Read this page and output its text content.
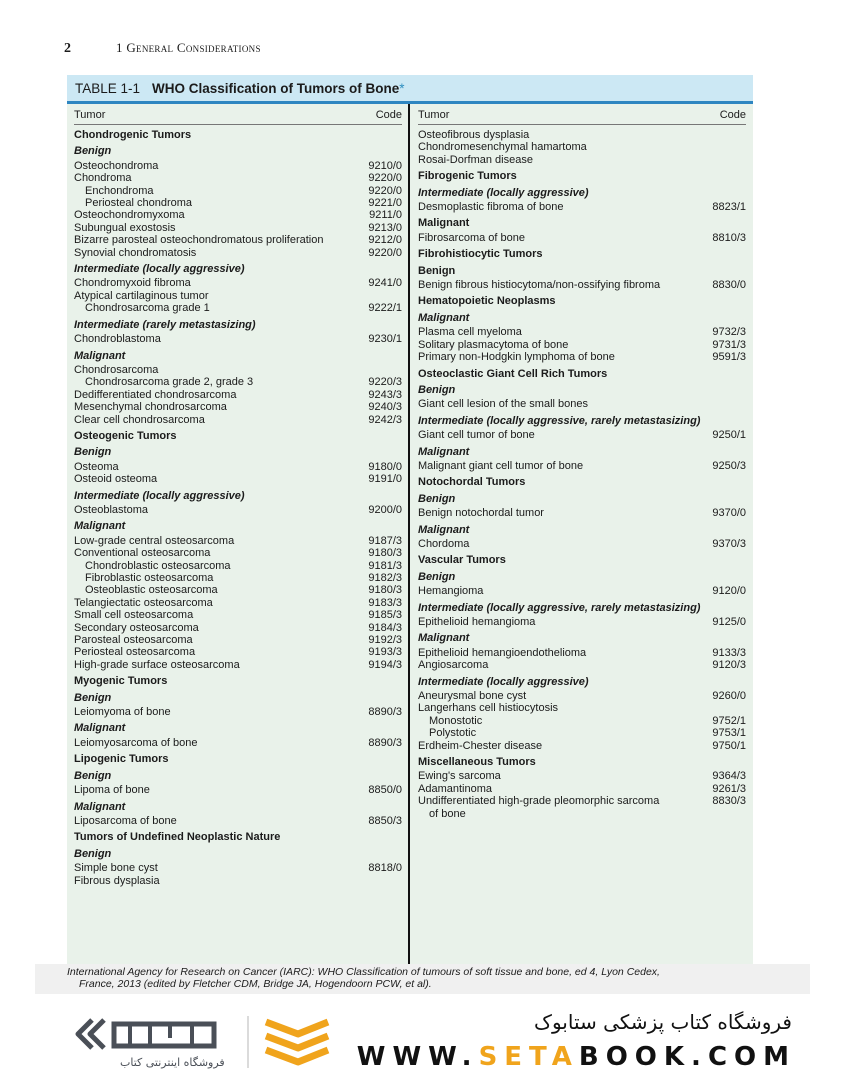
2	1 General Considerations
TABLE 1-1 WHO Classification of Tumors of Bone *
Tumor	Code
Chondrogenic Tumors
Benign
Osteochondroma	9210/0
Chondroma	9220/0
Enchondroma	9220/0
Periosteal chondroma	9221/0
Osteochondromyxoma	9211/0
Subungual exostosis	9213/0
Bizarre parosteal osteochondromatous proliferation	9212/0
Synovial chondromatosis	9220/0
Intermediate (locally aggressive)
Chondromyxoid fibroma	9241/0
Atypical cartilaginous tumor
Chondrosarcoma grade 1	9222/1
Intermediate (rarely metastasizing)
Chondroblastoma	9230/1
Malignant
Chondrosarcoma
Chondrosarcoma grade 2, grade 3	9220/3
Dedifferentiated chondrosarcoma	9243/3
Mesenchymal chondrosarcoma	9240/3
Clear cell chondrosarcoma	9242/3
Osteogenic Tumors
Benign
Osteoma	9180/0
Osteoid osteoma	9191/0
Intermediate (locally aggressive)
Osteoblastoma	9200/0
Malignant
Low-grade central osteosarcoma	9187/3
Conventional osteosarcoma	9180/3
Chondroblastic osteosarcoma	9181/3
Fibroblastic osteosarcoma	9182/3
Osteoblastic osteosarcoma	9180/3
Telangiectatic osteosarcoma	9183/3
Small cell osteosarcoma	9185/3
Secondary osteosarcoma	9184/3
Parosteal osteosarcoma	9192/3
Periosteal osteosarcoma	9193/3
High-grade surface osteosarcoma	9194/3
Myogenic Tumors
Benign
Leiomyoma of bone	8890/3
Malignant
Leiomyosarcoma of bone	8890/3
Lipogenic Tumors
Benign
Lipoma of bone	8850/0
Malignant
Liposarcoma of bone	8850/3
Tumors of Undefined Neoplastic Nature
Benign
Simple bone cyst	8818/0
Fibrous dysplasia
Tumor	Code
Osteofibrous dysplasia
Chondromesenchymal hamartoma
Rosai-Dorfman disease
Fibrogenic Tumors
Intermediate (locally aggressive)
Desmoplastic fibroma of bone	8823/1
Malignant
Fibrosarcoma of bone	8810/3
Fibrohistiocytic Tumors
Benign
Benign fibrous histiocytoma/non-ossifying fibroma	8830/0
Hematopoietic Neoplasms
Malignant
Plasma cell myeloma	9732/3
Solitary plasmacytoma of bone	9731/3
Primary non-Hodgkin lymphoma of bone	9591/3
Osteoclastic Giant Cell Rich Tumors
Benign
Giant cell lesion of the small bones
Intermediate (locally aggressive, rarely metastasizing)
Giant cell tumor of bone	9250/1
Malignant
Malignant giant cell tumor of bone	9250/3
Notochordal Tumors
Benign
Benign notochordal tumor	9370/0
Malignant
Chordoma	9370/3
Vascular Tumors
Benign
Hemangioma	9120/0
Intermediate (locally aggressive, rarely metastasizing)
Epithelioid hemangioma	9125/0
Malignant
Epithelioid hemangioendothelioma	9133/3
Angiosarcoma	9120/3
Intermediate (locally aggressive)
Aneurysmal bone cyst	9260/0
Langerhans cell histiocytosis
Monostotic	9752/1
Polystotic	9753/1
Erdheim-Chester disease	9750/1
Miscellaneous Tumors
Ewing's sarcoma	9364/3
Adamantinoma	9261/3
Undifferentiated high-grade pleomorphic sarcoma	8830/3
of bone
International Agency for Research on Cancer (IARC): WHO Classification of tumours of soft tissue and bone, ed 4, Lyon Cedex,
France, 2013 (edited by Fletcher CDM, Bridge JA, Hogendoorn PCW, et al).
فروشگاه اینترنتی کتاب
فروشگاه کتاب پزشکی ستابوک
WWW.SETABOOK.COM
